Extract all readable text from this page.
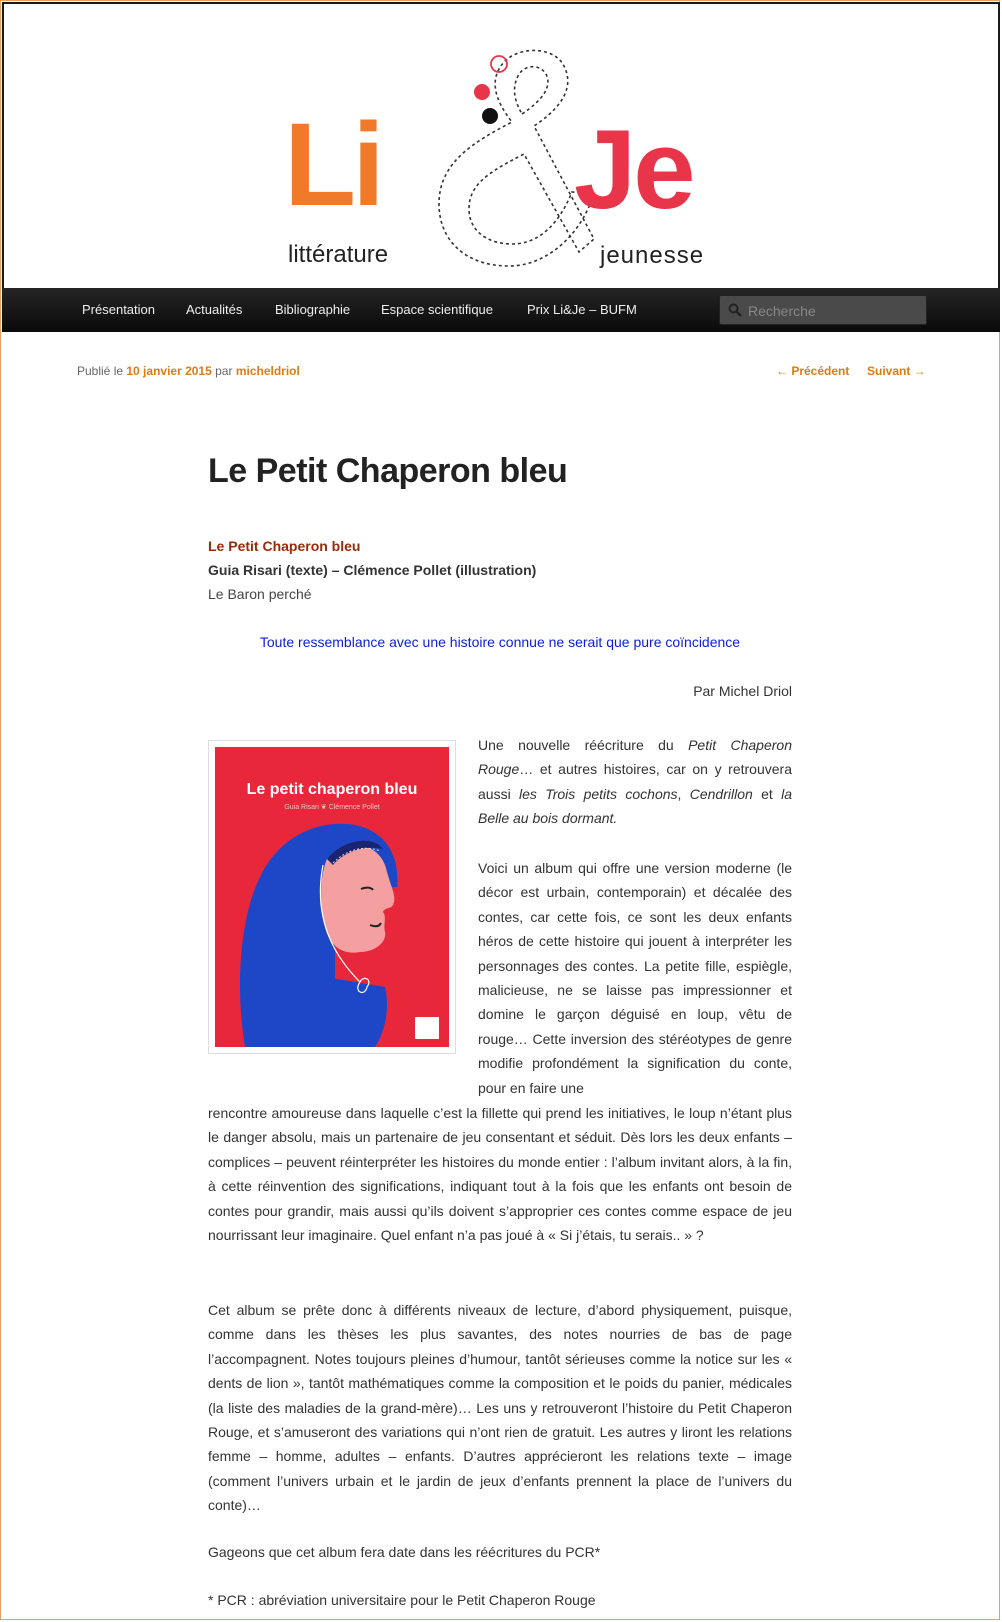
Li Je
littérature	jeunesse
Présentation Actualités	Bibliographie Espace scientifique	Prix Li&Je – BUFM
Recherche
Publié le 10 janvier 2015 par micheldriol	← Précédent Suivant →
Le Petit Chaperon bleu
Le Petit Chaperon bleu
Guia Risari (texte) – Clémence Pollet (illustration)
Le Baron perché
Toute ressemblance avec une histoire connue ne serait que pure coïncidence
Par Michel Driol
Le petit chaperon bleu
Guia Risari ❦ Clémence Pollet

Une nouvelle réécriture du Petit Chaperon Rouge… et autres histoires, car on y retrouvera aussi les Trois petits cochons, Cendrillon et la Belle au bois dormant.

Voici un album qui offre une version moderne (le décor est urbain, contemporain) et décalée des contes, car cette fois, ce sont les deux enfants héros de cette histoire qui jouent à interpréter les personnages des contes. La petite fille, espiègle, malicieuse, ne se laisse pas impressionner et domine le garçon déguisé en loup, vêtu de rouge… Cette inversion des stéréotypes de genre modifie profondément la signification du conte, pour en faire une

rencontre amoureuse dans laquelle c’est la fillette qui prend les initiatives, le loup n’étant plus le danger absolu, mais un partenaire de jeu consentant et séduit. Dès lors les deux enfants – complices – peuvent réinterpréter les histoires du monde entier : l’album invitant alors, à la fin, à cette réinvention des significations, indiquant tout à la fois que les enfants ont besoin de contes pour grandir, mais aussi qu’ils doivent s’approprier ces contes comme espace de jeu nourrissant leur imaginaire. Quel enfant n’a pas joué à « Si j’étais, tu serais.. » ?

Cet album se prête donc à différents niveaux de lecture, d’abord physiquement, puisque, comme dans les thèses les plus savantes, des notes nourries de bas de page l’accompagnent. Notes toujours pleines d’humour, tantôt sérieuses comme la notice sur les « dents de lion », tantôt mathématiques comme la composition et le poids du panier, médicales (la liste des maladies de la grand-mère)… Les uns y retrouveront l’histoire du Petit Chaperon Rouge, et s’amuseront des variations qui n’ont rien de gratuit. Les autres y liront les relations femme – homme, adultes – enfants. D’autres apprécieront les relations texte – image (comment l’univers urbain et le jardin de jeux d’enfants prennent la place de l’univers du conte)…

Gageons que cet album fera date dans les réécritures du PCR*

* PCR : abréviation universitaire pour le Petit Chaperon Rouge
